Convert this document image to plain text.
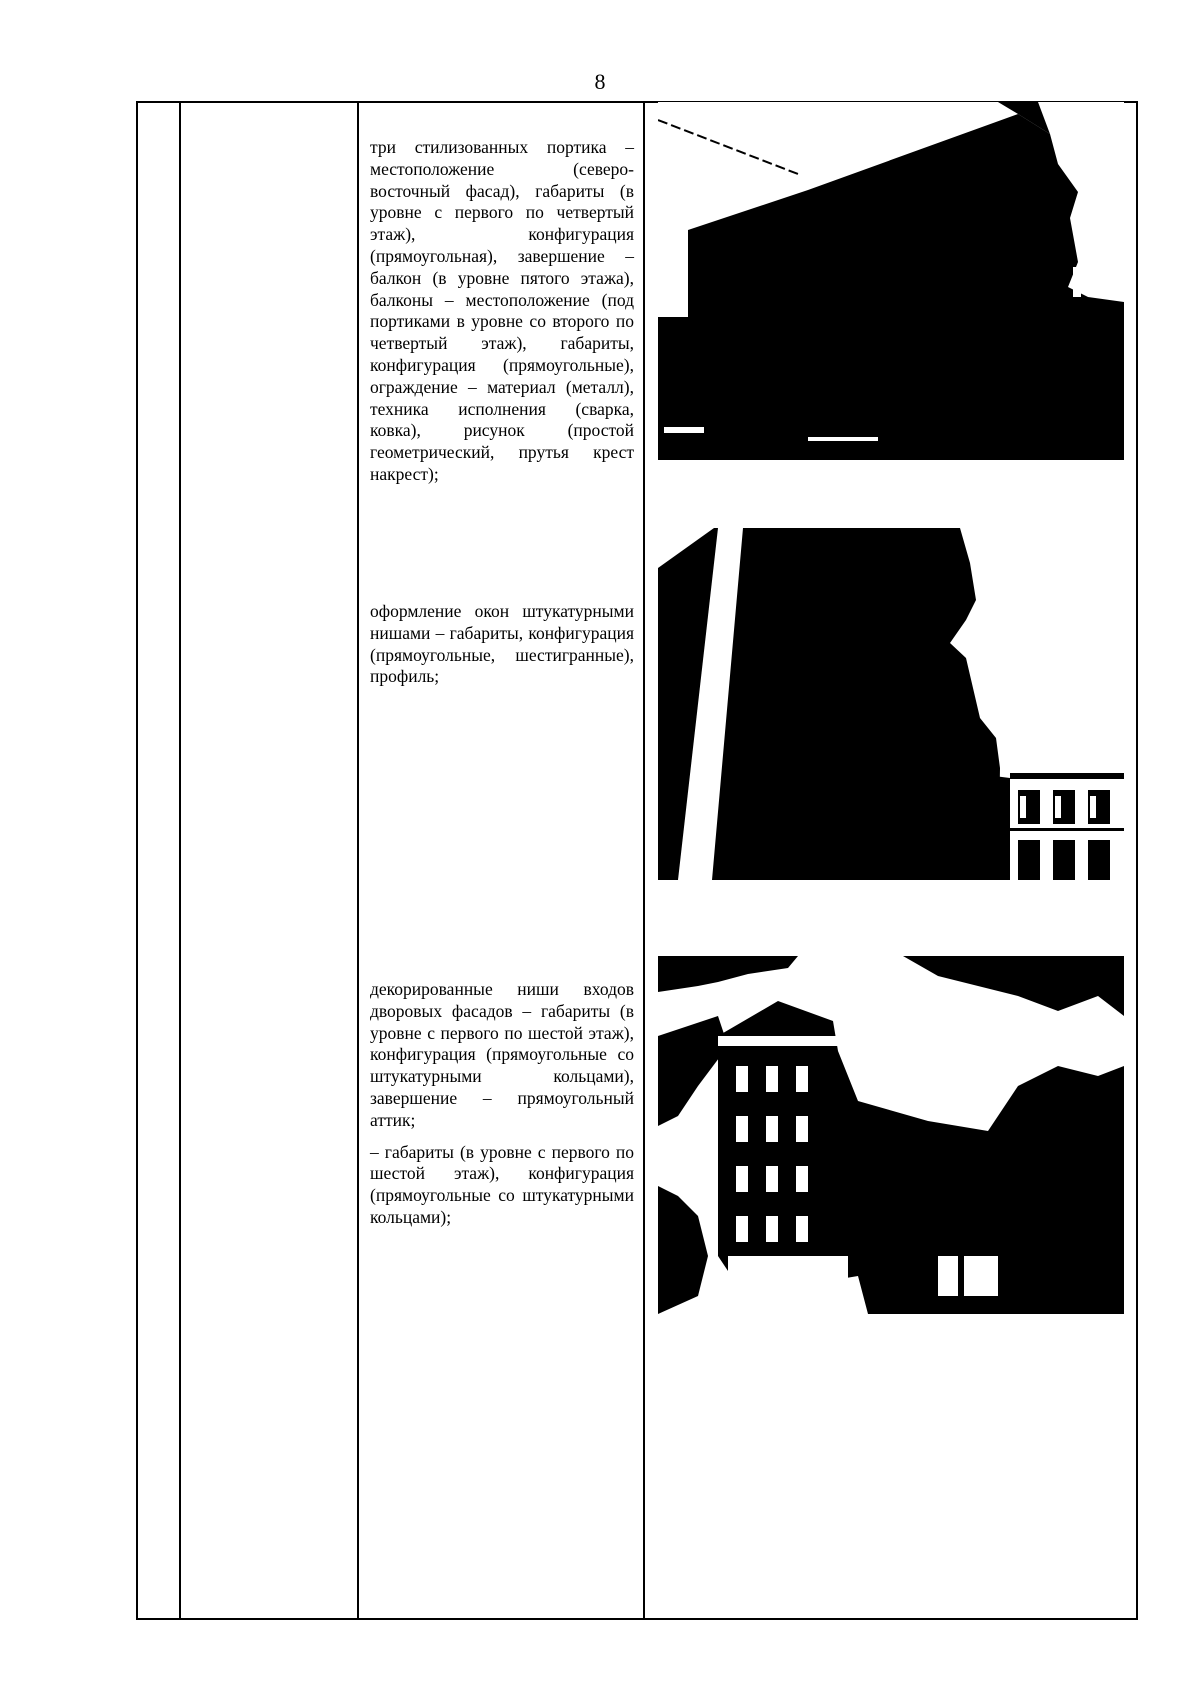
8

три стилизованных портика – местоположение (северо-восточный фасад), габариты (в уровне с первого по четвертый этаж), конфигурация (прямоугольная), завершение – балкон (в уровне пятого этажа), балконы – местоположение (под портиками в уровне со второго по четвертый этаж), габариты, конфигурация (прямоугольные), ограждение – материал (металл), техника исполнения (сварка, ковка), рисунок (простой геометрический, прутья крест накрест);

оформление окон штукатурными нишами – габариты, конфигурация (прямоугольные, шестигранные), профиль;

декорированные ниши входов дворовых фасадов – габариты (в уровне с первого по шестой этаж), конфигурация (прямоугольные со штукатурными кольцами), завершение – прямоугольный аттик;

– габариты (в уровне с первого по шестой этаж), конфигурация (прямоугольные со штукатурными кольцами);
